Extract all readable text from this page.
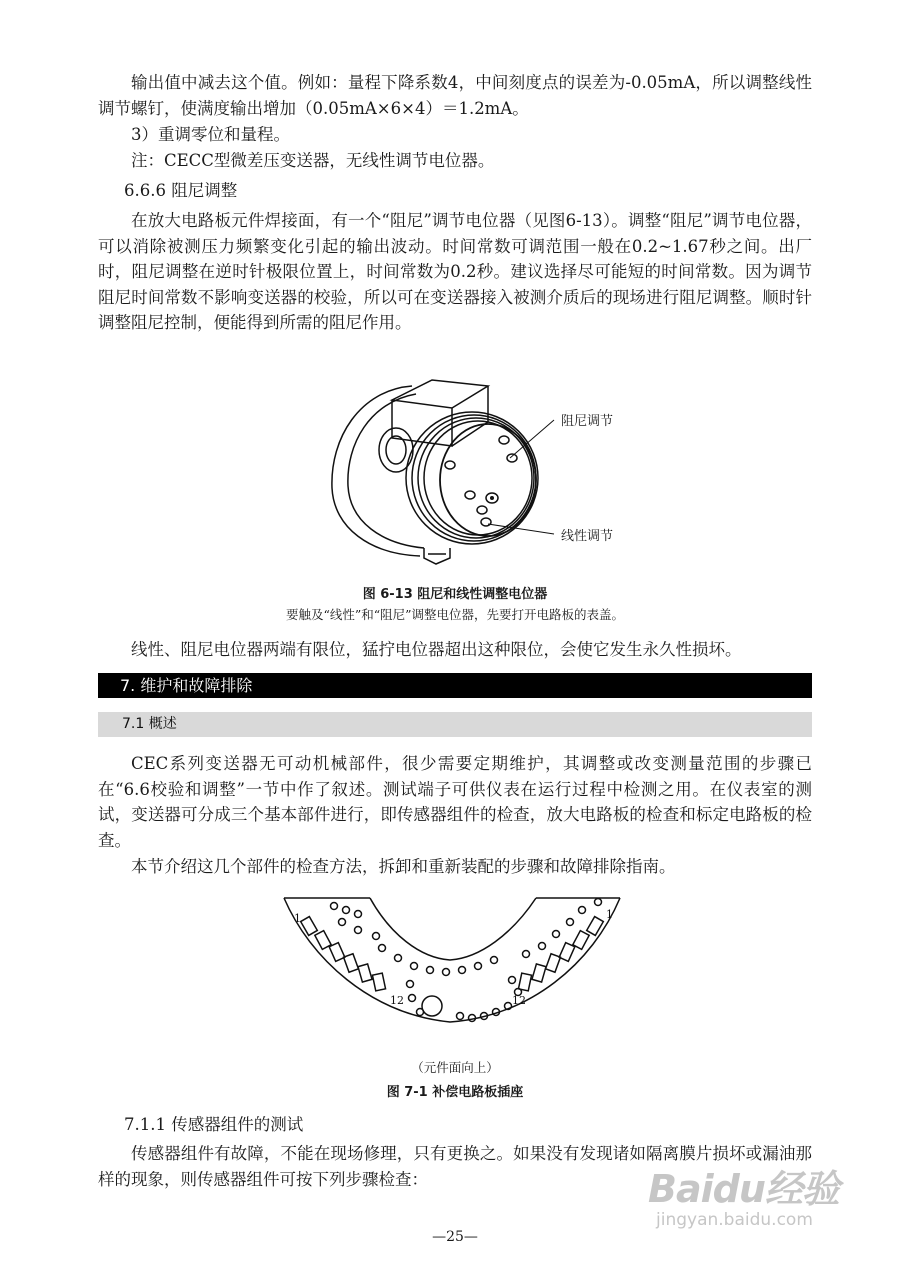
输出值中减去这个值。例如：量程下降系数4，中间刻度点的误差为-0.05mA，所以调整线性调节螺钉，使满度输出增加（0.05mA×6×4）＝1.2mA。

3）重调零位和量程。

注：CECC型微差压变送器，无线性调节电位器。

6.6.6 阻尼调整

在放大电路板元件焊接面，有一个“阻尼”调节电位器（见图6-13）。调整“阻尼”调节电位器，可以消除被测压力频繁变化引起的输出波动。时间常数可调范围一般在0.2~1.67秒之间。出厂时，阻尼调整在逆时针极限位置上，时间常数为0.2秒。建议选择尽可能短的时间常数。因为调节阻尼时间常数不影响变送器的校验，所以可在变送器接入被测介质后的现场进行阻尼调整。顺时针调整阻尼控制，便能得到所需的阻尼作用。

阻尼调节
线性调节
图 6-13 阻尼和线性调整电位器
要触及“线性”和“阻尼”调整电位器，先要打开电路板的表盖。

线性、阻尼电位器两端有限位，猛拧电位器超出这种限位，会使它发生永久性损坏。

7. 维护和故障排除
7.1 概述

CEC系列变送器无可动机械部件，很少需要定期维护，其调整或改变测量范围的步骤已在“6.6校验和调整”一节中作了叙述。测试端子可供仪表在运行过程中检测之用。在仪表室的测试，变送器可分成三个基本部件进行，即传感器组件的检查，放大电路板的检查和标定电路板的检查。

本节介绍这几个部件的检查方法，拆卸和重新装配的步骤和故障排除指南。

1
12	12
1
（元件面向上）
图 7-1 补偿电路板插座

7.1.1 传感器组件的测试

传感器组件有故障，不能在现场修理，只有更换之。如果没有发现诸如隔离膜片损坏或漏油那样的现象，则传感器组件可按下列步骤检查：

—25—
Baidu经验
jingyan.baidu.com
